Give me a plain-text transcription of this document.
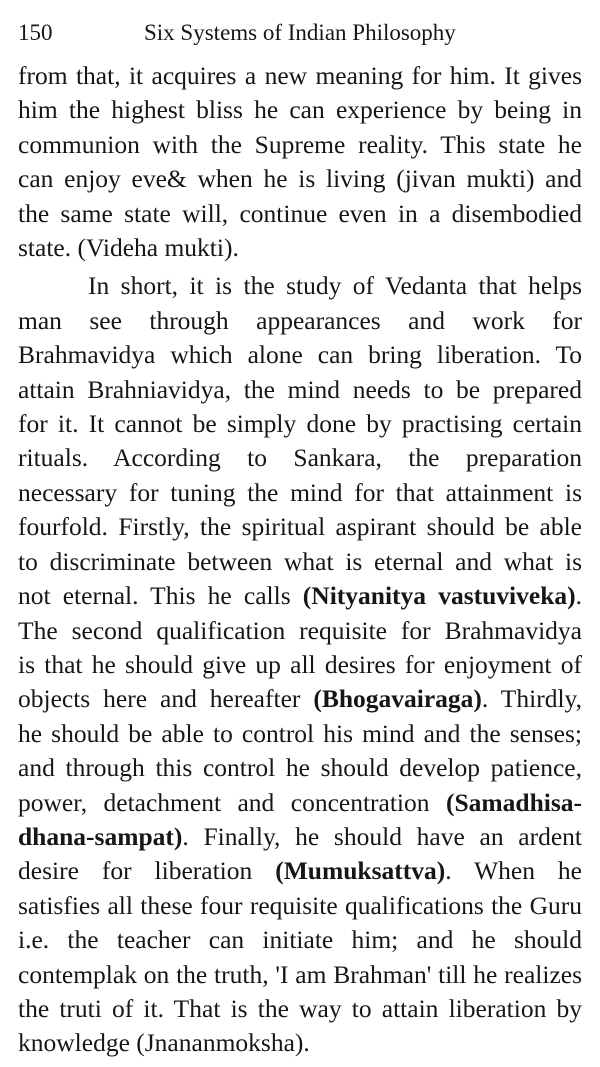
150	Six Systems of Indian Philosophy
from that, it acquires a new meaning for him. It gives
him the highest bliss he can experience by being in
communion with the Supreme reality. This state he
can enjoy eve& when he is living (jivan mukti) and
the same state will, continue even in a disembodied
state. (Videha mukti).
In short, it is the study of Vedanta that helps
man see through appearances and work for
Brahmavidya which alone can bring liberation. To
attain Brahniavidya, the mind needs to be prepared
for it. It cannot be simply done by practising certain
rituals. According to Sankara, the preparation
necessary for tuning the mind for that attainment is
fourfold. Firstly, the spiritual aspirant should be able
to discriminate between what is eternal and what is
not eternal. This he calls (Nityanitya vastuviveka).
The second qualification requisite for Brahmavidya
is that he should give up all desires for enjoyment of
objects here and hereafter (Bhogavairaga). Thirdly,
he should be able to control his mind and the senses;
and through this control he should develop patience,
power, detachment and concentration (Samadhisa-
dhana-sampat). Finally, he should have an ardent
desire for liberation (Mumuksattva). When he
satisfies all these four requisite qualifications the Guru
i.e. the teacher can initiate him; and he should
contemplak on the truth, 'I am Brahman' till he realizes
the truti of it. That is the way to attain liberation by
knowledge (Jnananmoksha).
